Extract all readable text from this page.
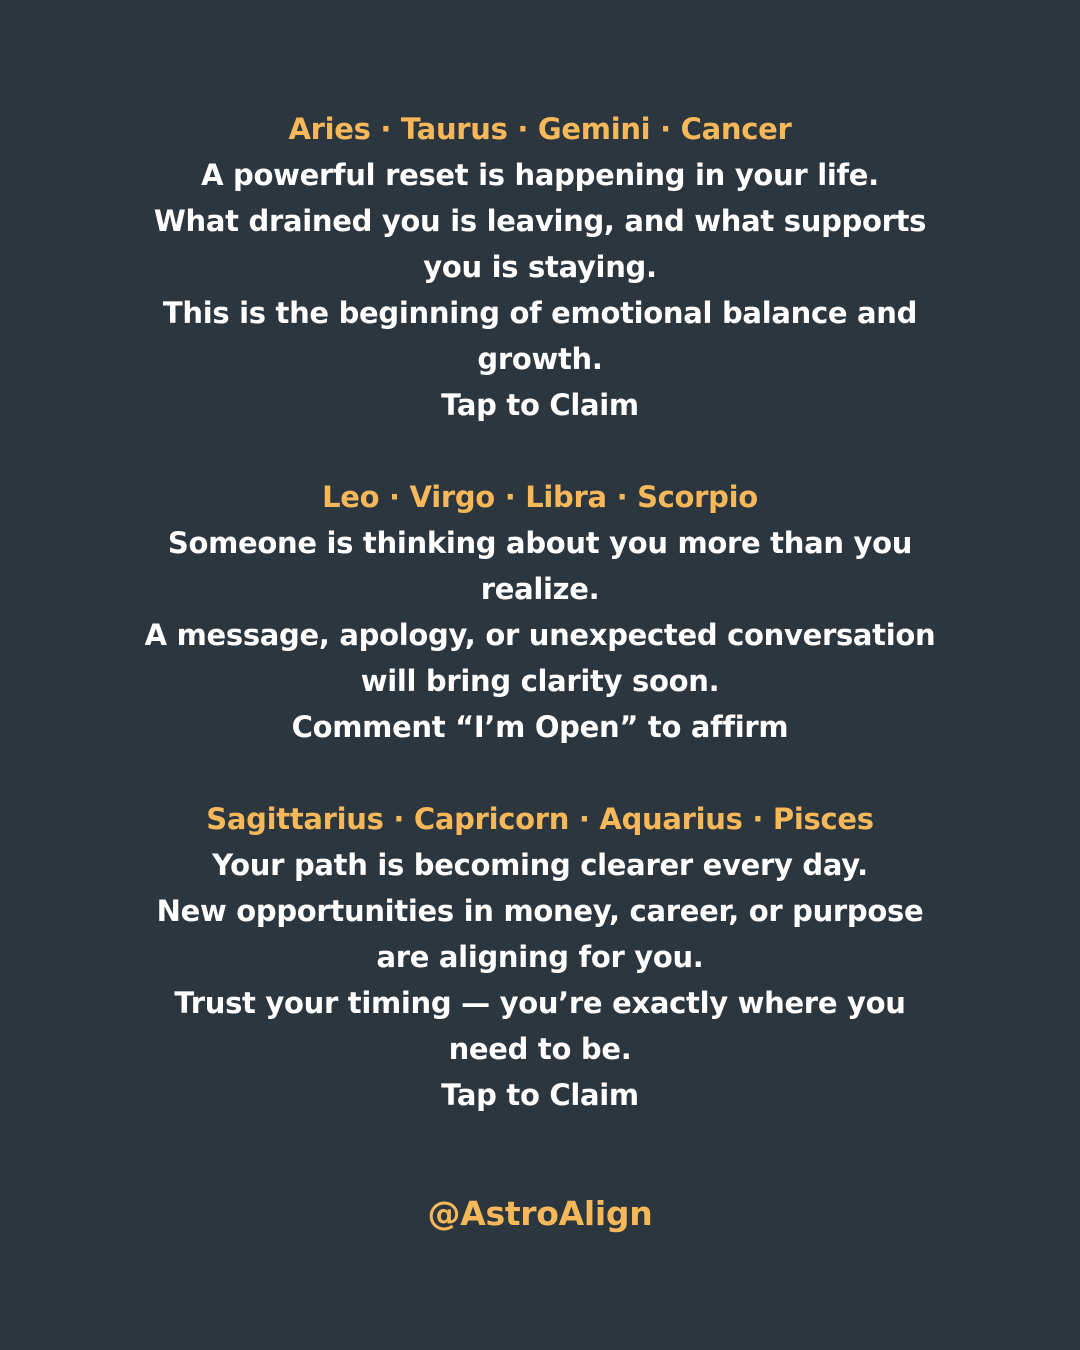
Aries · Taurus · Gemini · Cancer

A powerful reset is happening in your life.

What drained you is leaving, and what supports you is staying.

This is the beginning of emotional balance and growth.

Tap to Claim
Leo · Virgo · Libra · Scorpio

Someone is thinking about you more than you realize.

A message, apology, or unexpected conversation will bring clarity soon.

Comment “I’m Open” to affirm
Sagittarius · Capricorn · Aquarius · Pisces

Your path is becoming clearer every day.

New opportunities in money, career, or purpose are aligning for you.

Trust your timing — you’re exactly where you need to be.

Tap to Claim
@AstroAlign
